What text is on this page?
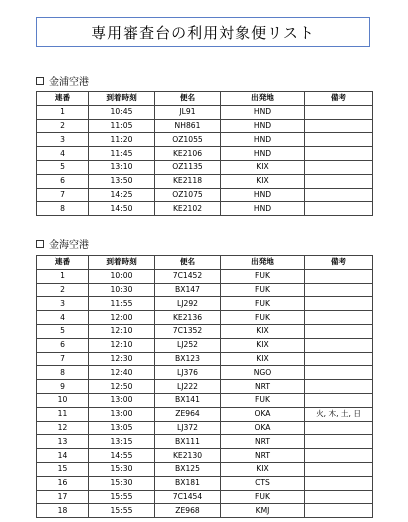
専用審査台の利用対象便リスト
金浦空港
連番	到着時刻	便名	出発地	備考
1	10:45	JL91	HND	
2	11:05	NH861	HND	
3	11:20	OZ1055	HND	
4	11:45	KE2106	HND	
5	13:10	OZ1135	KIX	
6	13:50	KE2118	KIX	
7	14:25	OZ1075	HND	
8	14:50	KE2102	HND	
金海空港
連番	到着時刻	便名	出発地	備考
1	10:00	7C1452	FUK	
2	10:30	BX147	FUK	
3	11:55	LJ292	FUK	
4	12:00	KE2136	FUK	
5	12:10	7C1352	KIX	
6	12:10	LJ252	KIX	
7	12:30	BX123	KIX	
8	12:40	LJ376	NGO	
9	12:50	LJ222	NRT	
10	13:00	BX141	FUK	
11	13:00	ZE964	OKA	火, 木, 土, 日
12	13:05	LJ372	OKA	
13	13:15	BX111	NRT	
14	14:55	KE2130	NRT	
15	15:30	BX125	KIX	
16	15:30	BX181	CTS	
17	15:55	7C1454	FUK	
18	15:55	ZE968	KMJ	
